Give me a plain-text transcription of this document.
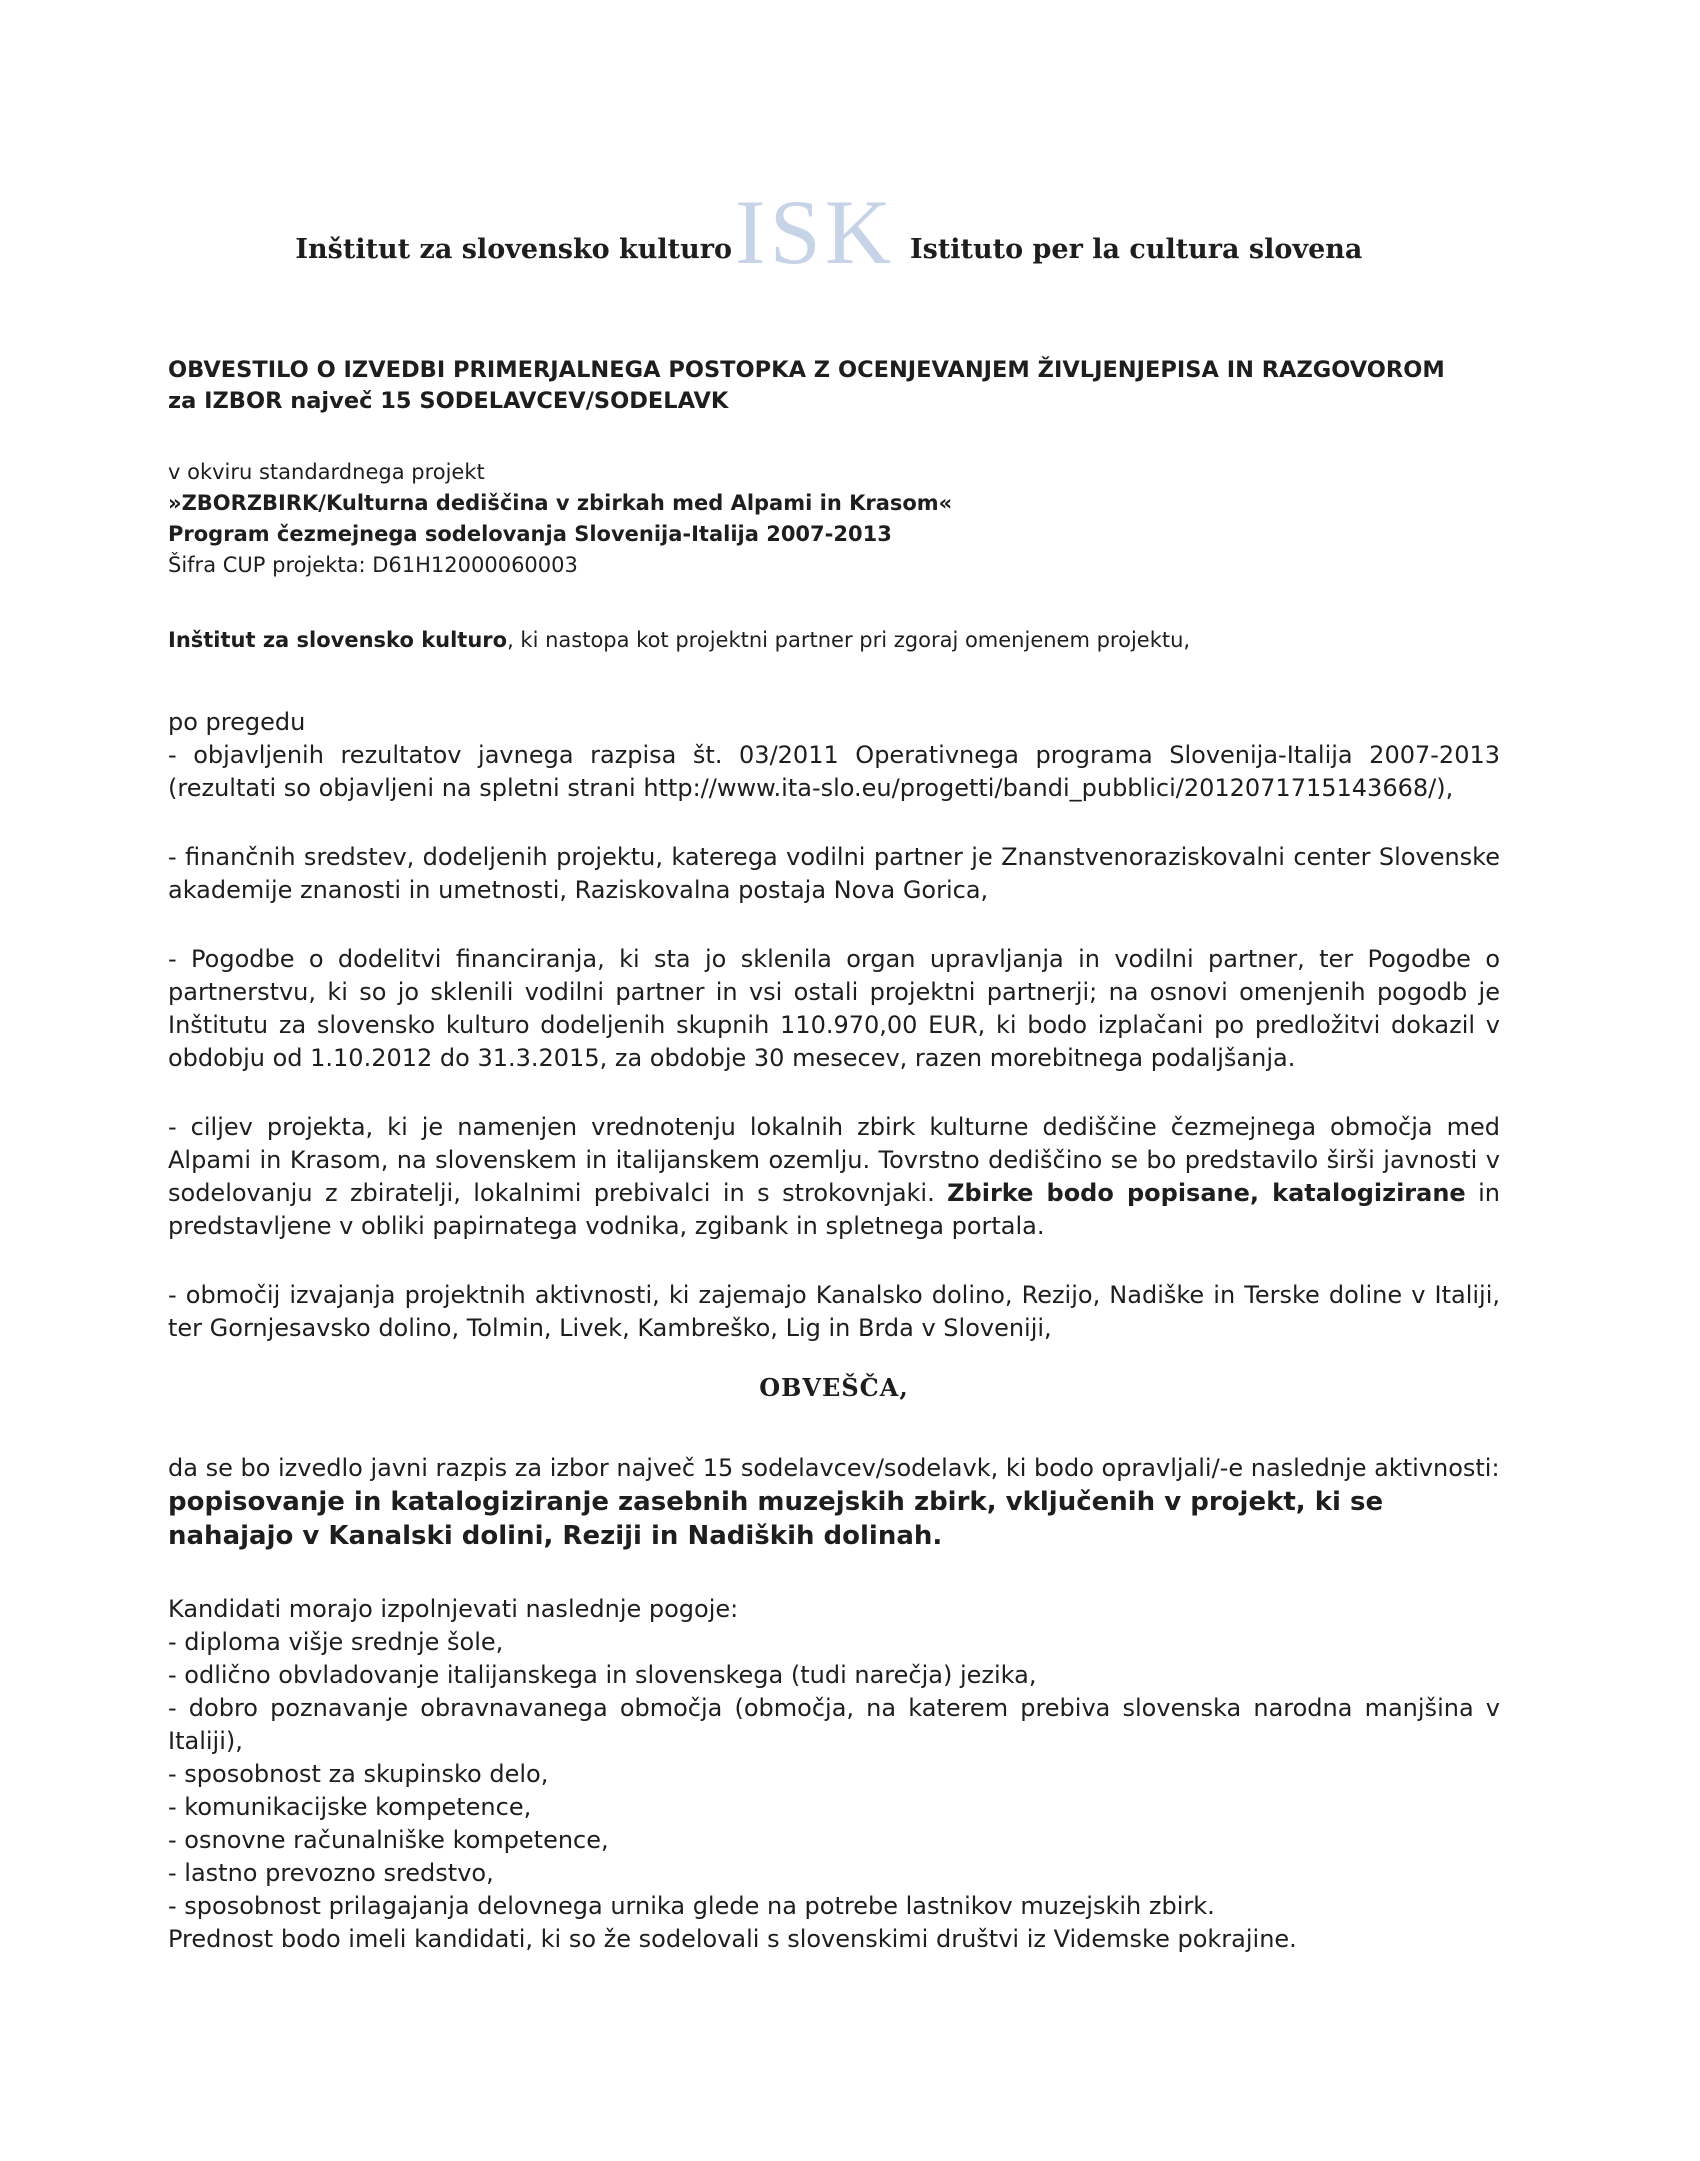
Inštitut za slovensko kulturo ISK Istituto per la cultura slovena

OBVESTILO O IZVEDBI PRIMERJALNEGA POSTOPKA Z OCENJEVANJEM ŽIVLJENJEPISA IN RAZGOVOROM

za IZBOR največ 15 SODELAVCEV/SODELAVK

v okviru standardnega projekt
»ZBORZBIRK/Kulturna dediščina v zbirkah med Alpami in Krasom«
Program čezmejnega sodelovanja Slovenija-Italija 2007-2013
Šifra CUP projekta: D61H12000060003
Inštitut za slovensko kulturo, ki nastopa kot projektni partner pri zgoraj omenjenem projektu,

po pregedu

- objavljenih rezultatov javnega razpisa št. 03/2011 Operativnega programa Slovenija-Italija 2007-2013 (rezultati so objavljeni na spletni strani http://www.ita-slo.eu/progetti/bandi_pubblici/20120717151436​68/),

- finančnih sredstev, dodeljenih projektu, katerega vodilni partner je Znanstvenoraziskovalni center Slovenske akademije znanosti in umetnosti, Raziskovalna postaja Nova Gorica,

- Pogodbe o dodelitvi financiranja, ki sta jo sklenila organ upravljanja in vodilni partner, ter Pogodbe o partnerstvu, ki so jo sklenili vodilni partner in vsi ostali projektni partnerji; na osnovi omenjenih pogodb je Inštitutu za slovensko kulturo dodeljenih skupnih 110.970,00 EUR, ki bodo izplačani po predložitvi dokazil v obdobju od 1.10.2012 do 31.3.2015, za obdobje 30 mesecev, razen morebitnega podaljšanja.

- ciljev projekta, ki je namenjen vrednotenju lokalnih zbirk kulturne dediščine čezmejnega območja med Alpami in Krasom, na slovenskem in italijanskem ozemlju. Tovrstno dediščino se bo predstavilo širši javnosti v sodelovanju z zbiratelji, lokalnimi prebivalci in s strokovnjaki. Zbirke bodo popisane, katalogizirane in predstavljene v obliki papirnatega vodnika, zgibank in spletnega portala.

- območij izvajanja projektnih aktivnosti, ki zajemajo Kanalsko dolino, Rezijo, Nadiške in Terske doline v Italiji, ter Gornjesavsko dolino, Tolmin, Livek, Kambreško, Lig in Brda v Sloveniji,

OBVEŠČA,

da se bo izvedlo javni razpis za izbor največ 15 sodelavcev/sodelavk, ki bodo opravljali/-e naslednje aktivnosti:

popisovanje in katalogiziranje zasebnih muzejskih zbirk, vključenih v projekt, ki se nahajajo v Kanalski dolini, Reziji in Nadiških dolinah.

Kandidati morajo izpolnjevati naslednje pogoje:

- diploma višje srednje šole,
- odlično obvladovanje italijanskega in slovenskega (tudi narečja) jezika,
- dobro poznavanje obravnavanega območja (območja, na katerem prebiva slovenska narodna manjšina v Italiji),
- sposobnost za skupinsko delo,
- komunikacijske kompetence,
- osnovne računalniške kompetence,
- lastno prevozno sredstvo,
- sposobnost prilagajanja delovnega urnika glede na potrebe lastnikov muzejskih zbirk.

Prednost bodo imeli kandidati, ki so že sodelovali s slovenskimi društvi iz Videmske pokrajine.
